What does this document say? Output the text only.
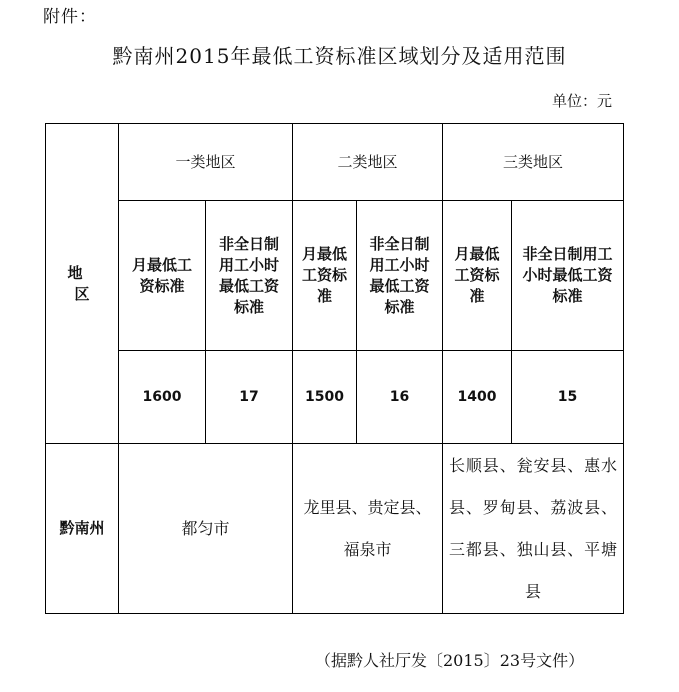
附件：
黔南州2015年最低工资标准区域划分及适用范围
单位：元
地 区	一类地区		二类地区		三类地区	
	月最低工资标准	非全日制用工小时最低工资标准	月最低工资标准	非全日制用工小时最低工资标准	月最低工资标准	非全日制用工小时最低工资标准
	1600	17	1500	16	1400	15
黔南州	都匀市		龙里县、贵定县、福泉市		长顺县、瓮安县、惠水县、罗甸县、荔波县、三都县、独山县、平塘县	
（据黔人社厅发〔2015〕23号文件）
